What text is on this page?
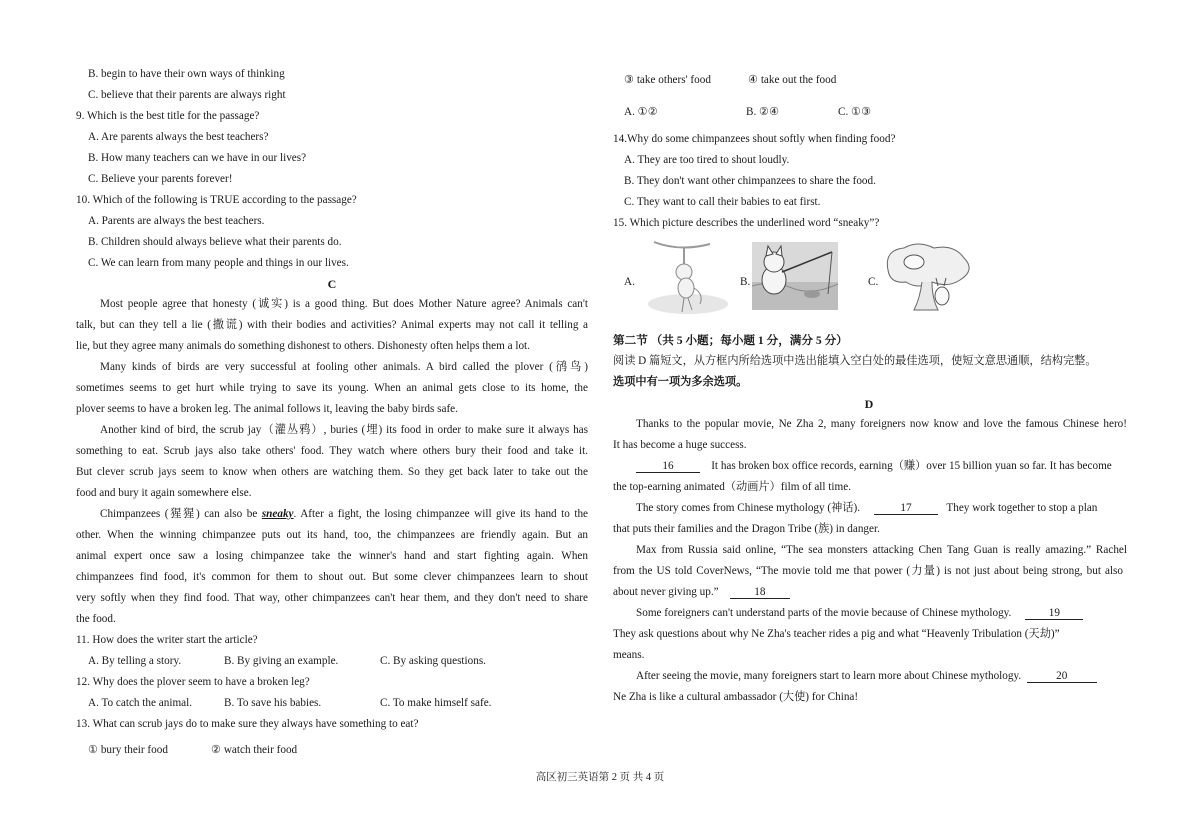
B. begin to have their own ways of thinking
C. believe that their parents are always right
9. Which is the best title for the passage?
A. Are parents always the best teachers?
B. How many teachers can we have in our lives?
C. Believe your parents forever!
10. Which of the following is TRUE according to the passage?
A. Parents are always the best teachers.
B. Children should always believe what their parents do.
C. We can learn from many people and things in our lives.
C
Most people agree that honesty (诚实) is a good thing. But does Mother Nature agree? Animals can't
talk, but can they tell a lie (撒谎) with their bodies and activities? Animal experts may not call it telling a
lie, but they agree many animals do something dishonest to others. Dishonesty often helps them a lot.
Many kinds of birds are very successful at fooling other animals. A bird called the plover (鸻鸟)
sometimes seems to get hurt while trying to save its young. When an animal gets close to its home, the
plover seems to have a broken leg. The animal follows it, leaving the baby birds safe.
Another kind of bird, the scrub jay（灌丛鸦）, buries (埋) its food in order to make sure it always has
something to eat. Scrub jays also take others' food. They watch where others bury their food and take it.
But clever scrub jays seem to know when others are watching them. So they get back later to take out the
food and bury it again somewhere else.
Chimpanzees (猩猩) can also be sneaky. After a fight, the losing chimpanzee will give its hand to the
other. When the winning chimpanzee puts out its hand, too, the chimpanzees are friendly again. But an
animal expert once saw a losing chimpanzee take the winner's hand and start fighting again. When
chimpanzees find food, it's common for them to shout out. But some clever chimpanzees learn to shout
very softly when they find food. That way, other chimpanzees can't hear them, and they don't need to share
the food.
11. How does the writer start the article?
A. By telling a story.	B. By giving an example.	C. By asking questions.
12. Why does the plover seem to have a broken leg?
A. To catch the animal.	B. To save his babies.	C. To make himself safe.
13. What can scrub jays do to make sure they always have something to eat?
① bury their food	② watch their food
③ take others' food	④ take out the food
A. ①②	B. ②④	C. ①③
14.Why do some chimpanzees shout softly when finding food?
A. They are too tired to shout loudly.
B. They don't want other chimpanzees to share the food.
C. They want to call their babies to eat first.
15. Which picture describes the underlined word “sneaky”?
A.	B.	C.
第二节 （共 5 小题；每小题 1 分，满分 5 分）
阅读 D 篇短文，从方框内所给选项中选出能填入空白处的最佳选项，使短文意思通顺，结构完整。
选项中有一项为多余选项。
D
Thanks to the popular movie, Ne Zha 2, many foreigners now know and love the famous Chinese hero!
It has become a huge success.
16	It has broken box office records, earning（赚）over 15 billion yuan so far. It has become
the top-earning animated（动画片）film of all time.
The story comes from Chinese mythology (神话).	17	They work together to stop a plan
that puts their families and the Dragon Tribe (族) in danger.
Max from Russia said online, “The sea monsters attacking Chen Tang Guan is really amazing.” Rachel
from the US told CoverNews, “The movie told me that power (力量) is not just about being strong, but also
about never giving up.”	18
Some foreigners can't understand parts of the movie because of Chinese mythology.	19
They ask questions about why Ne Zha's teacher rides a pig and what “Heavenly Tribulation (天劫)”
means.
After seeing the movie, many foreigners start to learn more about Chinese mythology.	20
Ne Zha is like a cultural ambassador (大使) for China!
高区初三英语第 2 页 共 4 页
